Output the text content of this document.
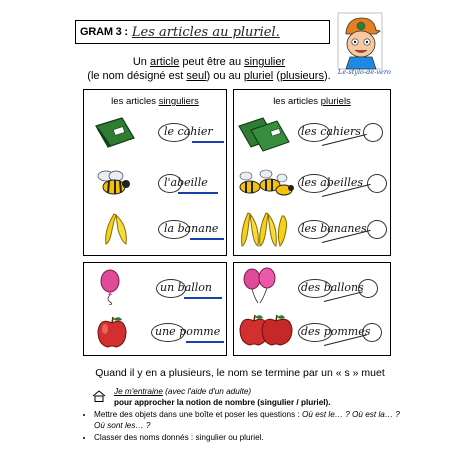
GRAM 3 : Les articles au pluriel.
Le-stylo-de-vero
Un article peut être au singulier
(le nom désigné est seul) ou au pluriel (plusieurs).
les articles singuliers
le cahier
l'abeille
la banane
les articles pluriels
les cahiers
les abeilles
les bananes
un ballon
une pomme
des ballons
des pommes
Quand il y en a plusieurs, le nom se termine par un « s » muet
Je m'entraine (avec l'aide d'un adulte)
pour approcher la notion de nombre (singulier / pluriel).
• Mettre des objets dans une boîte et poser les questions : Où est le… ? Où est la… ? Où sont les… ?
• Classer des noms donnés : singulier ou pluriel.
